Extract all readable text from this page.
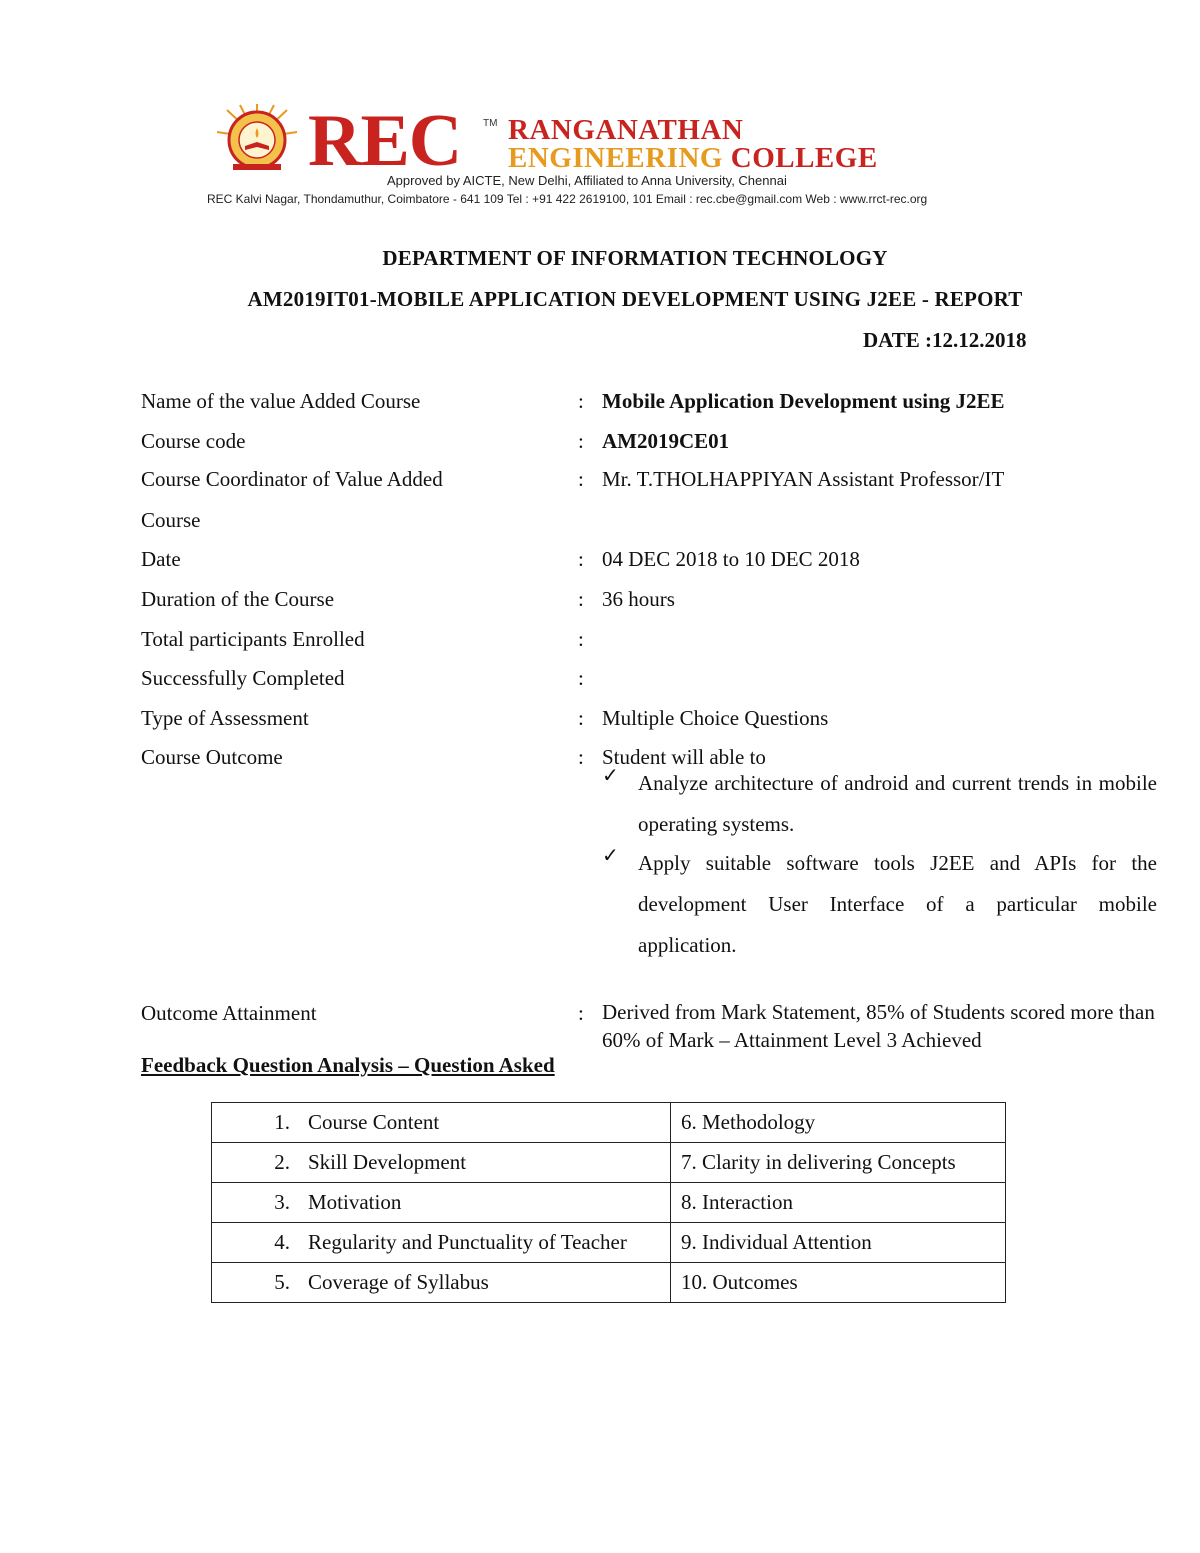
REC TM RANGANATHAN
ENGINEERING COLLEGE
Approved by AICTE, New Delhi, Affiliated to Anna University, Chennai
REC Kalvi Nagar, Thondamuthur, Coimbatore - 641 109 Tel : +91 422 2619100, 101 Email : rec.cbe@gmail.com Web : www.rrct-rec.org
DEPARTMENT OF INFORMATION TECHNOLOGY
AM2019IT01-MOBILE APPLICATION DEVELOPMENT USING J2EE - REPORT
DATE :12.12.2018
Name of the value Added Course	: Mobile Application Development using J2EE
Course code	: AM2019CE01
Course Coordinator of Value Added	: Mr. T.THOLHAPPIYAN Assistant Professor/IT
Course
Date	: 04 DEC 2018 to 10 DEC 2018
Duration of the Course	: 36 hours
Total participants Enrolled	:
Successfully Completed	:
Type of Assessment	: Multiple Choice Questions
Course Outcome	: Student will able to
✓ Analyze architecture of android and current trends in mobile operating systems.
✓ Apply suitable software tools J2EE and APIs for the development User Interface of a particular mobile application.
Outcome Attainment	: Derived from Mark Statement, 85% of Students scored more than 60% of Mark – Attainment Level 3 Achieved
Feedback Question Analysis – Question Asked
1. Course Content	6. Methodology
2. Skill Development	7. Clarity in delivering Concepts
3. Motivation	8. Interaction
4. Regularity and Punctuality of Teacher	9. Individual Attention
5. Coverage of Syllabus	10. Outcomes
